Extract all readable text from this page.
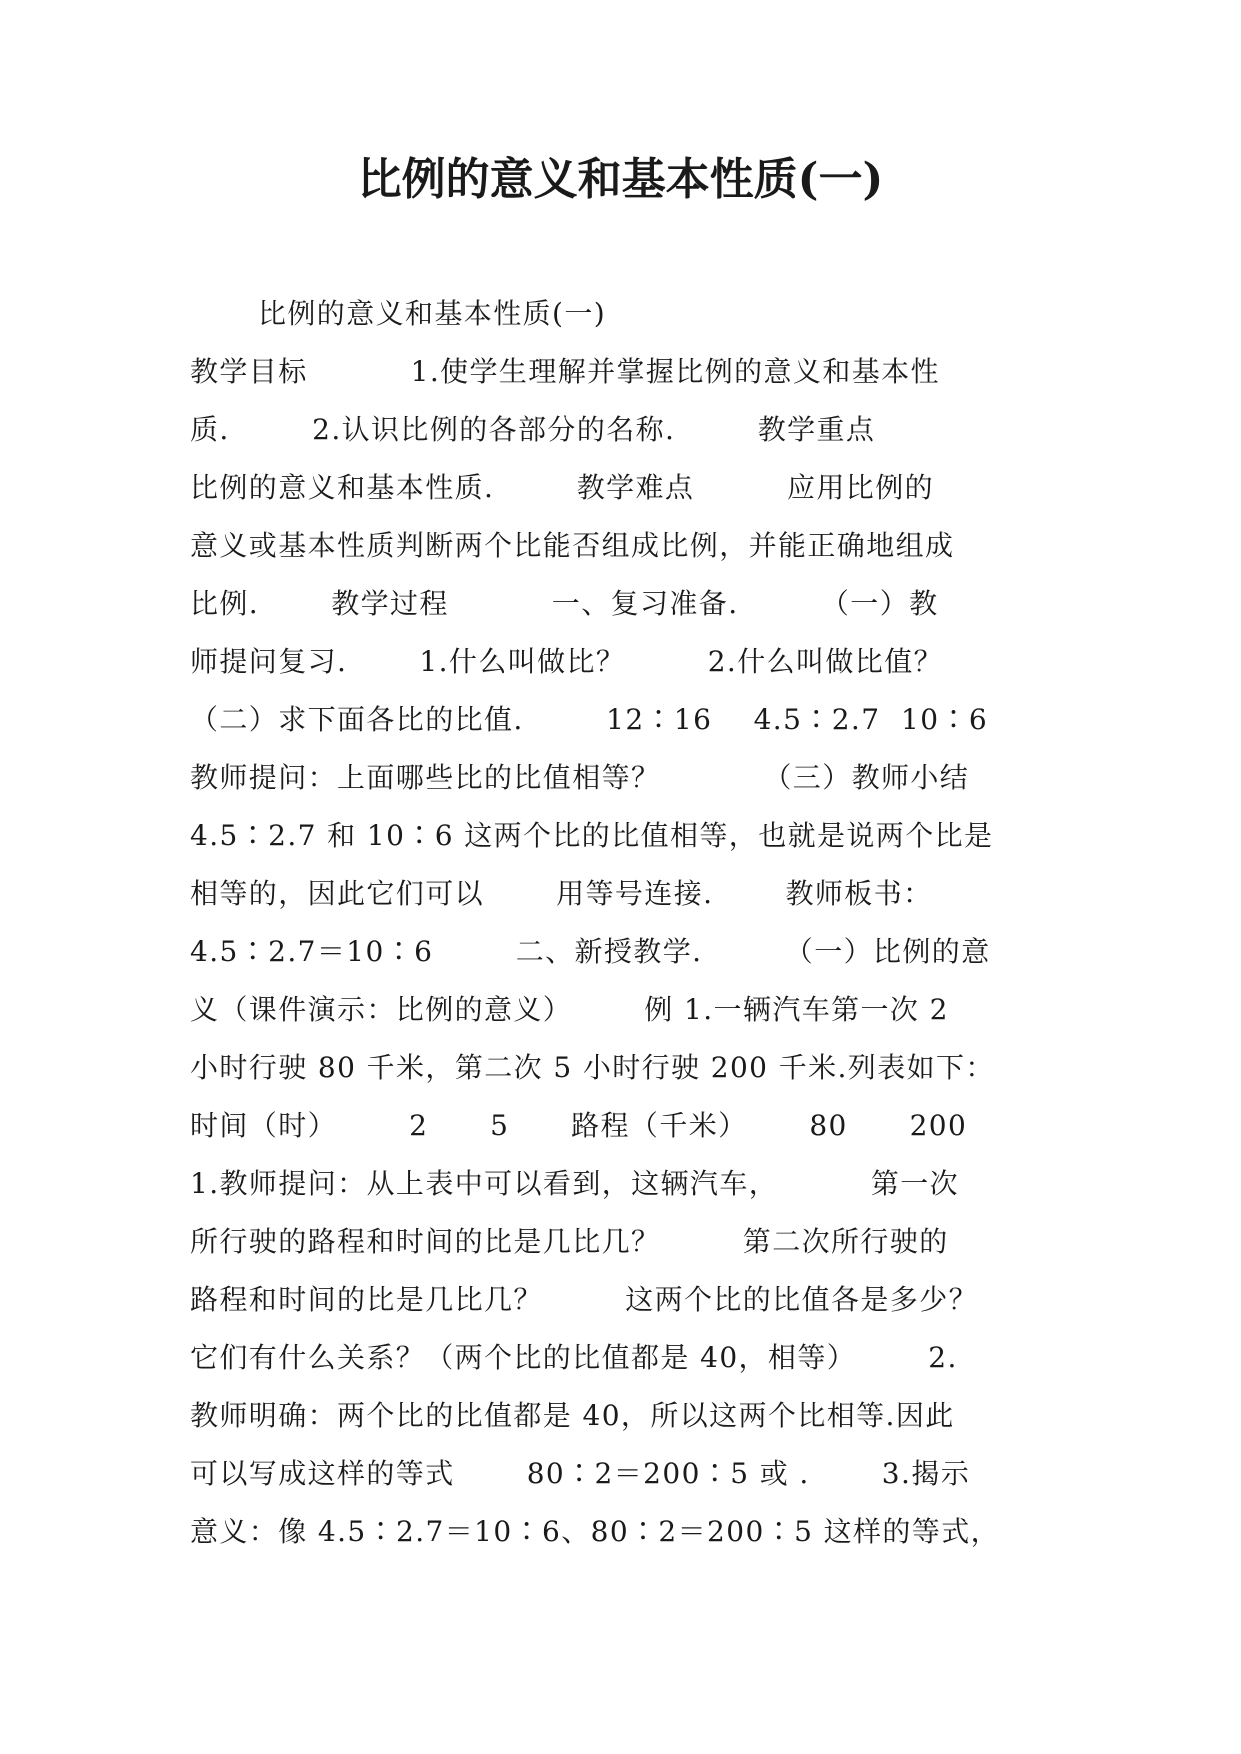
比例的意义和基本性质(一)
比例的意义和基本性质(一)
教学目标          1.使学生理解并掌握比例的意义和基本性
质.        2.认识比例的各部分的名称.        教学重点
比例的意义和基本性质.        教学难点         应用比例的
意义或基本性质判断两个比能否组成比例，并能正确地组成
比例.       教学过程          一、复习准备.        （一）教
师提问复习.       1.什么叫做比？        2.什么叫做比值？
（二）求下面各比的比值.        12∶16    4.5∶2.7  10∶6
教师提问：上面哪些比的比值相等？          （三）教师小结
4.5∶2.7 和 10∶6 这两个比的比值相等，也就是说两个比是
相等的，因此它们可以       用等号连接.       教师板书：
4.5∶2.7＝10∶6        二、新授教学.        （一）比例的意
义（课件演示：比例的意义）       例 1.一辆汽车第一次 2
小时行驶 80 千米，第二次 5 小时行驶 200 千米.列表如下：
时间（时）       2      5      路程（千米）      80      200
1.教师提问：从上表中可以看到，这辆汽车，         第一次
所行驶的路程和时间的比是几比几？        第二次所行驶的
路程和时间的比是几比几？        这两个比的比值各是多少？
它们有什么关系？（两个比的比值都是 40，相等）       2.
教师明确：两个比的比值都是 40，所以这两个比相等.因此
可以写成这样的等式       80∶2＝200∶5 或 .       3.揭示
意义：像 4.5∶2.7＝10∶6、80∶2＝200∶5 这样的等式，
